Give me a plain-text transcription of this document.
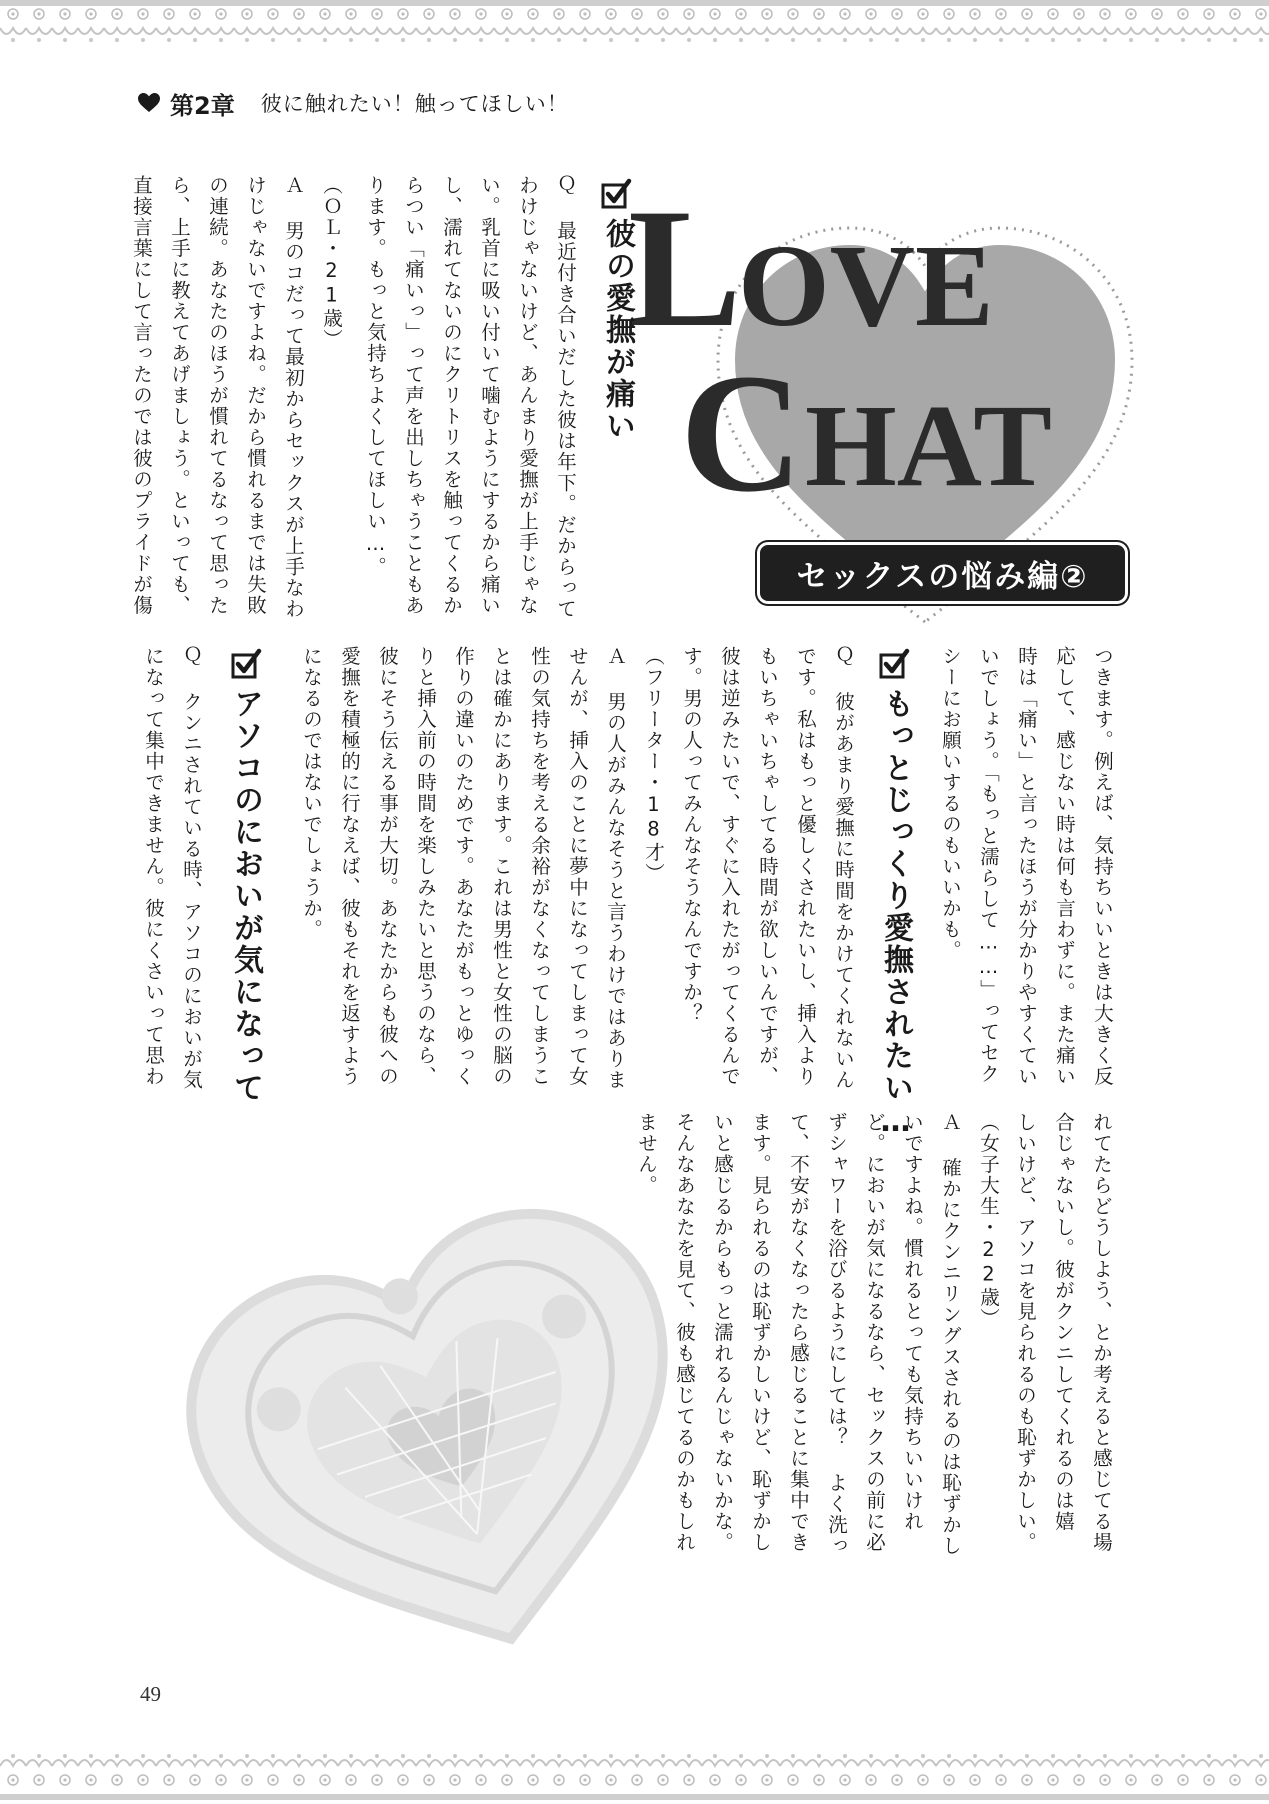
第2章 彼に触れたい！触ってほしい！
L
OVE
C HAT
セックスの悩み編②
彼の愛撫が痛い
Ｑ 最近付き合いだした彼は年下。だからって
わけじゃないけど、あんまり愛撫が上手じゃな
い。乳首に吸い付いて噛むようにするから痛い
し、濡れてないのにクリトリスを触ってくるか
らつい「痛いっ」って声を出しちゃうこともあ
ります。もっと気持ちよくしてほしい…。
（ＯＬ・21歳）
Ａ 男のコだって最初からセックスが上手なわ
けじゃないですよね。だから慣れるまでは失敗
の連続。あなたのほうが慣れてるなって思った
ら、上手に教えてあげましょう。といっても、
直接言葉にして言ったのでは彼のプライドが傷
つきます。例えば、気持ちいいときは大きく反
応して、感じない時は何も言わずに。また痛い
時は「痛い」と言ったほうが分かりやすくてい
いでしょう。「もっと濡らして……」ってセク
シーにお願いするのもいいかも。
もっとじっくり愛撫されたい…
Ｑ 彼があまり愛撫に時間をかけてくれないん
です。私はもっと優しくされたいし、挿入より
もいちゃいちゃしてる時間が欲しいんですが、
彼は逆みたいで、すぐに入れたがってくるんで
す。男の人ってみんなそうなんですか？
（フリーター・18才）
Ａ 男の人がみんなそうと言うわけではありま
せんが、挿入のことに夢中になってしまって女
性の気持ちを考える余裕がなくなってしまうこ
とは確かにあります。これは男性と女性の脳の
作りの違いのためです。あなたがもっとゆっく
りと挿入前の時間を楽しみたいと思うのなら、
彼にそう伝える事が大切。あなたからも彼への
愛撫を積極的に行なえば、彼もそれを返すよう
になるのではないでしょうか。
アソコのにおいが気になって
Ｑ クンニされている時、アソコのにおいが気
になって集中できません。彼にくさいって思わ
れてたらどうしよう、とか考えると感じてる場
合じゃないし。彼がクンニしてくれるのは嬉
しいけど、アソコを見られるのも恥ずかしい。
（女子大生・22歳）
Ａ 確かにクンニリングスされるのは恥ずかし
いですよね。慣れるとっても気持ちいいけれ
ど。においが気になるなら、セックスの前に必
ずシャワーを浴びるようにしては？ よく洗っ
て、不安がなくなったら感じることに集中でき
ます。見られるのは恥ずかしいけど、恥ずかし
いと感じるからもっと濡れるんじゃないかな。
そんなあなたを見て、彼も感じてるのかもしれ
ません。
49
